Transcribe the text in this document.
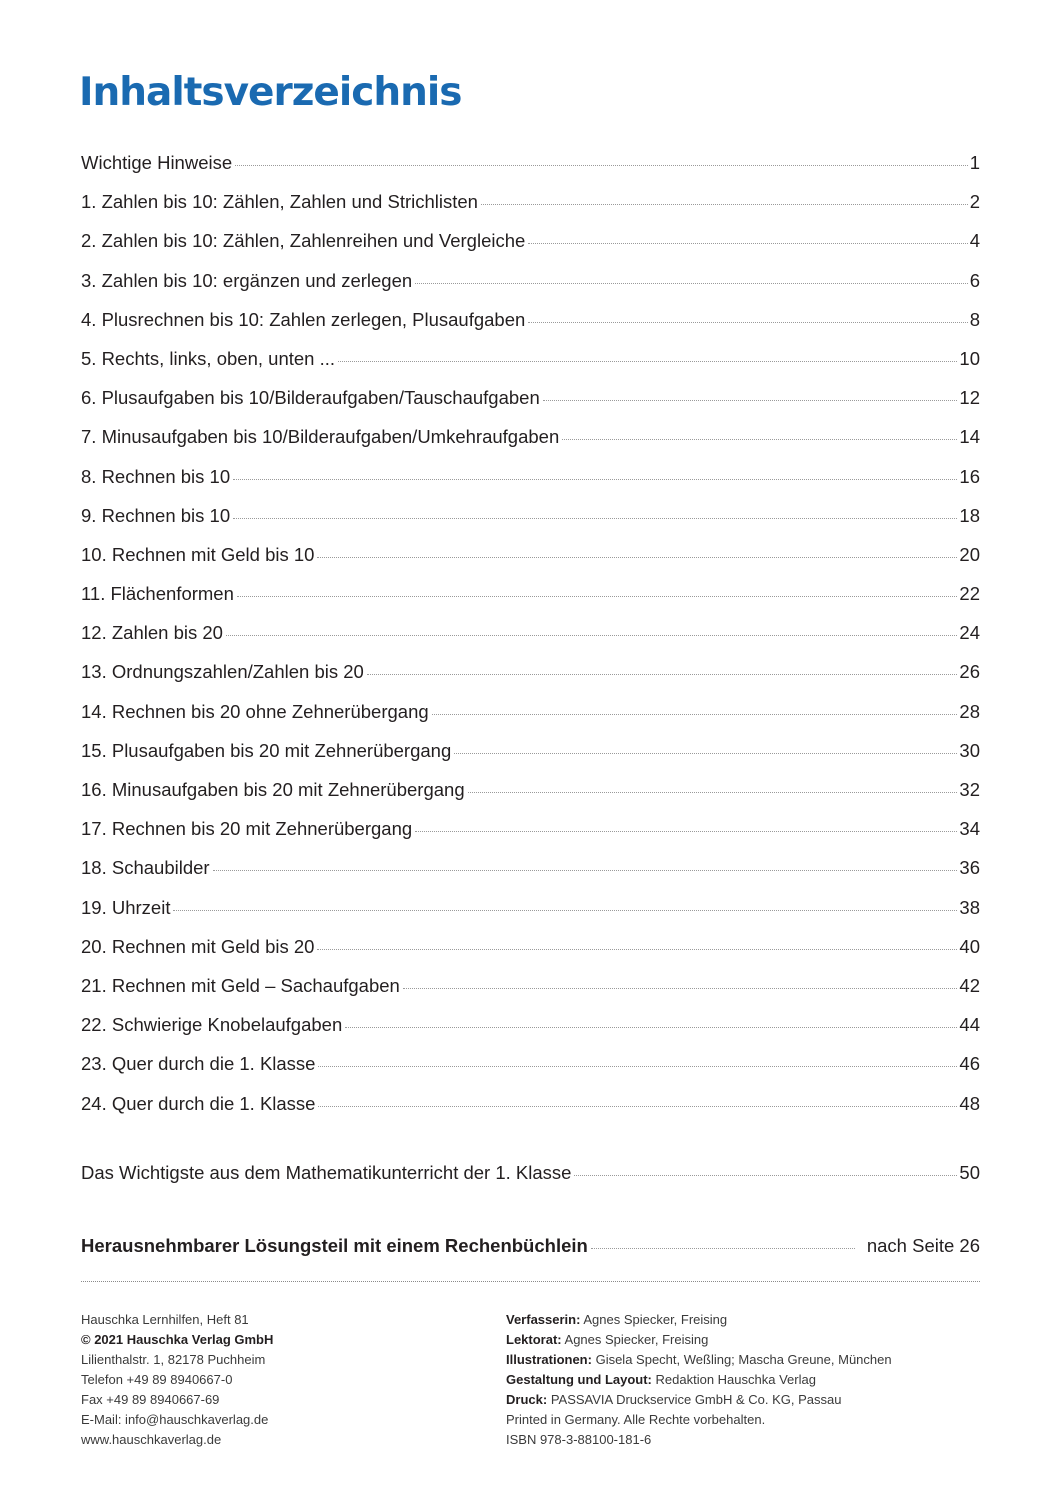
Inhaltsverzeichnis
Wichtige Hinweise	1
1. Zahlen bis 10: Zählen, Zahlen und Strichlisten	2
2. Zahlen bis 10: Zählen, Zahlenreihen und Vergleiche	4
3. Zahlen bis 10: ergänzen und zerlegen	6
4. Plusrechnen bis 10: Zahlen zerlegen, Plusaufgaben	8
5. Rechts, links, oben, unten ...	10
6. Plusaufgaben bis 10/Bilderaufgaben/Tauschaufgaben	12
7. Minusaufgaben bis 10/Bilderaufgaben/Umkehraufgaben	14
8. Rechnen bis 10	16
9. Rechnen bis 10	18
10. Rechnen mit Geld bis 10	20
11. Flächenformen	22
12. Zahlen bis 20	24
13. Ordnungszahlen/Zahlen bis 20	26
14. Rechnen bis 20 ohne Zehnerübergang	28
15. Plusaufgaben bis 20 mit Zehnerübergang	30
16. Minusaufgaben bis 20 mit Zehnerübergang	32
17. Rechnen bis 20 mit Zehnerübergang	34
18. Schaubilder	36
19. Uhrzeit	38
20. Rechnen mit Geld bis 20	40
21. Rechnen mit Geld – Sachaufgaben	42
22. Schwierige Knobelaufgaben	44
23. Quer durch die 1. Klasse	46
24. Quer durch die 1. Klasse	48
Das Wichtigste aus dem Mathematikunterricht der 1. Klasse	50
Herausnehmbarer Lösungsteil mit einem Rechenbüchlein	nach Seite 26
Hauschka Lernhilfen, Heft 81
© 2021 Hauschka Verlag GmbH
Lilienthalstr. 1, 82178 Puchheim
Telefon +49 89 8940667-0
Fax +49 89 8940667-69
E-Mail: info@hauschkaverlag.de
www.hauschkaverlag.de
Verfasserin: Agnes Spiecker, Freising
Lektorat: Agnes Spiecker, Freising
Illustrationen: Gisela Specht, Weßling; Mascha Greune, München
Gestaltung und Layout: Redaktion Hauschka Verlag
Druck: PASSAVIA Druckservice GmbH & Co. KG, Passau
Printed in Germany. Alle Rechte vorbehalten.
ISBN 978-3-88100-181-6
